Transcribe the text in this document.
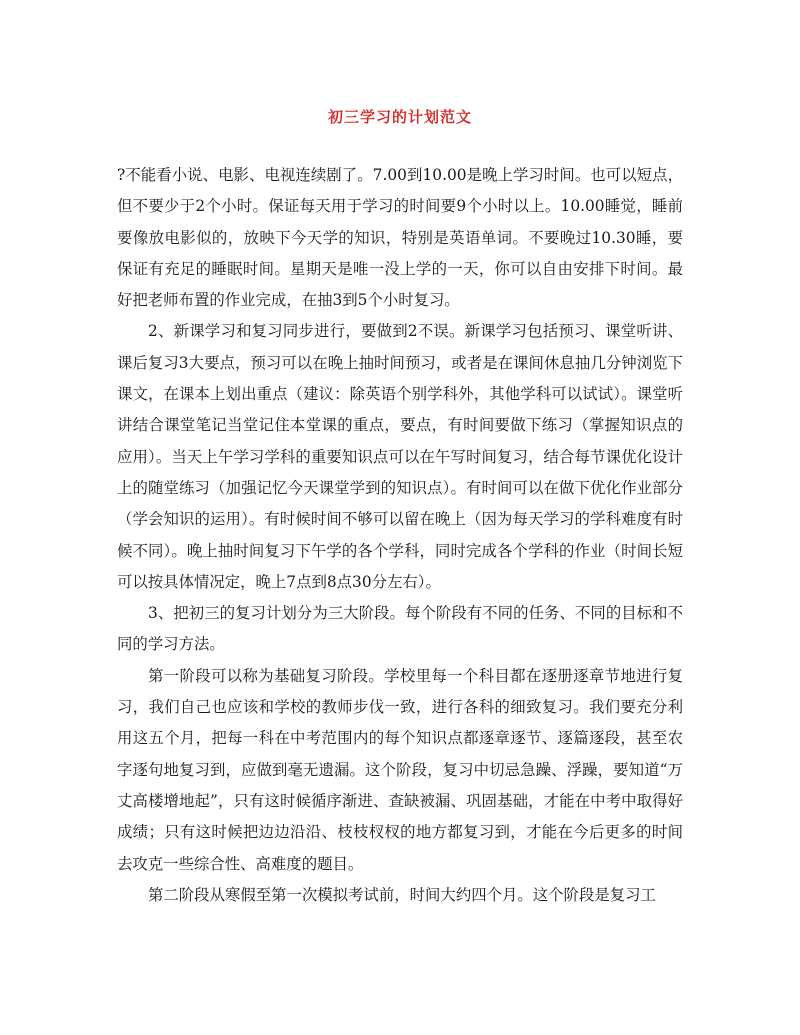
初三学习的计划范文

?不能看小说、电影、电视连续剧了。7.00到10.00是晚上学习时间。也可以短点，但不要少于2个小时。保证每天用于学习的时间要9个小时以上。10.00睡觉，睡前要像放电影似的，放映下今天学的知识，特别是英语单词。不要晚过10.30睡，要保证有充足的睡眠时间。星期天是唯一没上学的一天，你可以自由安排下时间。最好把老师布置的作业完成，在抽3到5个小时复习。

2、新课学习和复习同步进行，要做到2不误。新课学习包括预习、课堂听讲、课后复习3大要点，预习可以在晚上抽时间预习，或者是在课间休息抽几分钟浏览下课文，在课本上划出重点（建议：除英语个别学科外，其他学科可以试试）。课堂听讲结合课堂笔记当堂记住本堂课的重点，要点，有时间要做下练习（掌握知识点的应用）。当天上午学习学科的重要知识点可以在午写时间复习，结合每节课优化设计上的随堂练习（加强记忆今天课堂学到的知识点）。有时间可以在做下优化作业部分（学会知识的运用）。有时候时间不够可以留在晚上（因为每天学习的学科难度有时候不同）。晚上抽时间复习下午学的各个学科，同时完成各个学科的作业（时间长短可以按具体情况定，晚上7点到8点30分左右）。

3、把初三的复习计划分为三大阶段。每个阶段有不同的任务、不同的目标和不同的学习方法。

第一阶段可以称为基础复习阶段。学校里每一个科目都在逐册逐章节地进行复习，我们自己也应该和学校的教师步伐一致，进行各科的细致复习。我们要充分利用这五个月，把每一科在中考范围内的每个知识点都逐章逐节、逐篇逐段，甚至农字逐句地复习到，应做到毫无遗漏。这个阶段，复习中切忌急躁、浮躁，要知道“万丈高楼增地起”，只有这时候循序渐进、查缺被漏、巩固基础，才能在中考中取得好成绩；只有这时候把边边沿沿、枝枝杈杈的地方都复习到，才能在今后更多的时间去攻克一些综合性、高难度的题目。

第二阶段从寒假至第一次模拟考试前，时间大约四个月。这个阶段是复习工
